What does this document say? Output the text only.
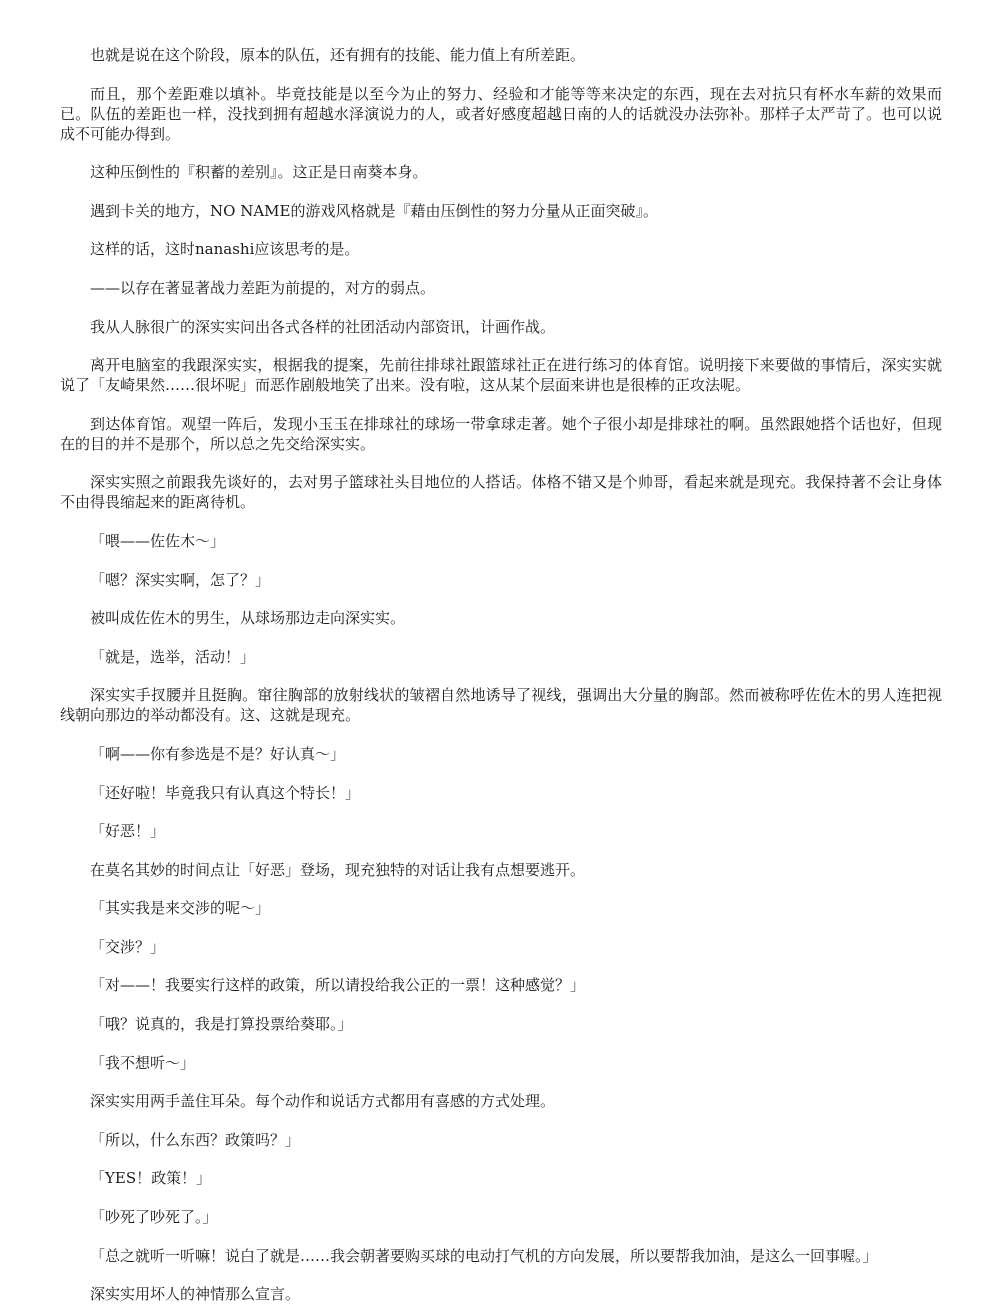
也就是说在这个阶段，原本的队伍，还有拥有的技能、能力值上有所差距。

而且，那个差距难以填补。毕竟技能是以至今为止的努力、经验和才能等等来决定的东西，现在去对抗只有杯水车薪的效果而已。队伍的差距也一样，没找到拥有超越水泽演说力的人，或者好感度超越日南的人的话就没办法弥补。那样子太严苛了。也可以说成不可能办得到。

这种压倒性的『积蓄的差别』。这正是日南葵本身。

遇到卡关的地方，NO NAME的游戏风格就是『藉由压倒性的努力分量从正面突破』。

这样的话，这时nanashi应该思考的是。

——以存在著显著战力差距为前提的，对方的弱点。

我从人脉很广的深实实问出各式各样的社团活动内部资讯，计画作战。

离开电脑室的我跟深实实，根据我的提案，先前往排球社跟篮球社正在进行练习的体育馆。说明接下来要做的事情后，深实实就说了「友崎果然……很坏呢」而恶作剧般地笑了出来。没有啦，这从某个层面来讲也是很棒的正攻法呢。

到达体育馆。观望一阵后，发现小玉玉在排球社的球场一带拿球走著。她个子很小却是排球社的啊。虽然跟她搭个话也好，但现在的目的并不是那个，所以总之先交给深实实。

深实实照之前跟我先谈好的，去对男子篮球社头目地位的人搭话。体格不错又是个帅哥，看起来就是现充。我保持著不会让身体不由得畏缩起来的距离待机。

「喂——佐佐木～」

「嗯？深实实啊，怎了？」

被叫成佐佐木的男生，从球场那边走向深实实。

「就是，选举，活动！」

深实实手扠腰并且挺胸。窜往胸部的放射线状的皱褶自然地诱导了视线，强调出大分量的胸部。然而被称呼佐佐木的男人连把视线朝向那边的举动都没有。这、这就是现充。

「啊——你有参选是不是？好认真～」

「还好啦！毕竟我只有认真这个特长！」

「好恶！」

在莫名其妙的时间点让「好恶」登场，现充独特的对话让我有点想要逃开。

「其实我是来交涉的呢～」

「交涉？」

「对——！我要实行这样的政策，所以请投给我公正的一票！这种感觉？」

「哦？说真的，我是打算投票给葵耶。」

「我不想听～」

深实实用两手盖住耳朵。每个动作和说话方式都用有喜感的方式处理。

「所以，什么东西？政策吗？」

「YES！政策！」

「吵死了吵死了。」

「总之就听一听嘛！说白了就是……我会朝著要购买球的电动打气机的方向发展，所以要帮我加油，是这么一回事喔。」

深实实用坏人的神情那么宣言。
